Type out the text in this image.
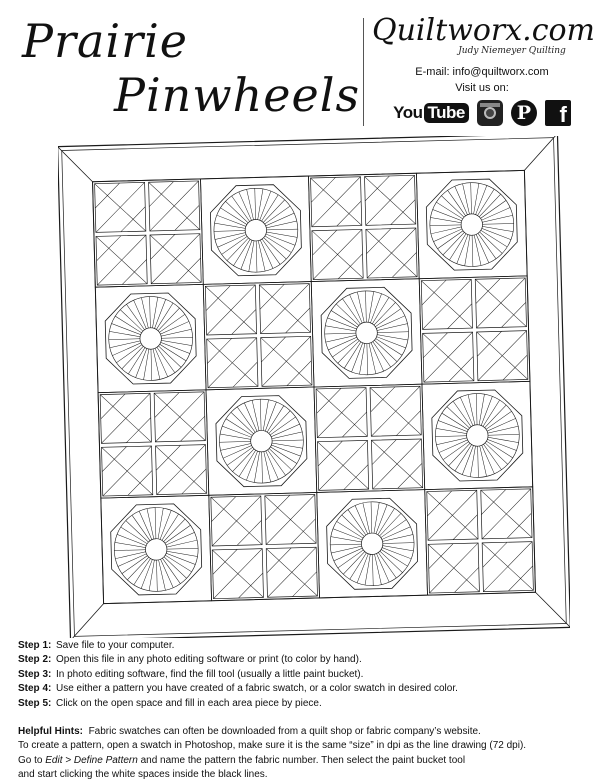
Prairie
Pinwheels
Quiltworx.com
Judy Niemeyer Quilting
E-mail: info@quiltworx.com
Visit us on:
You Tube	P	f
Step 1: Save file to your computer.
Step 2: Open this file in any photo editing software or print (to color by hand).
Step 3: In photo editing software, find the fill tool (usually a little paint bucket).
Step 4: Use either a pattern you have created of a fabric swatch, or a color swatch in desired color.
Step 5: Click on the open space and fill in each area piece by piece.
Helpful Hints: Fabric swatches can often be downloaded from a quilt shop or fabric company’s website.
To create a pattern, open a swatch in Photoshop, make sure it is the same “size” in dpi as the line drawing (72 dpi).
Go to Edit > Define Pattern and name the pattern the fabric number. Then select the paint bucket tool
and start clicking the white spaces inside the black lines.
